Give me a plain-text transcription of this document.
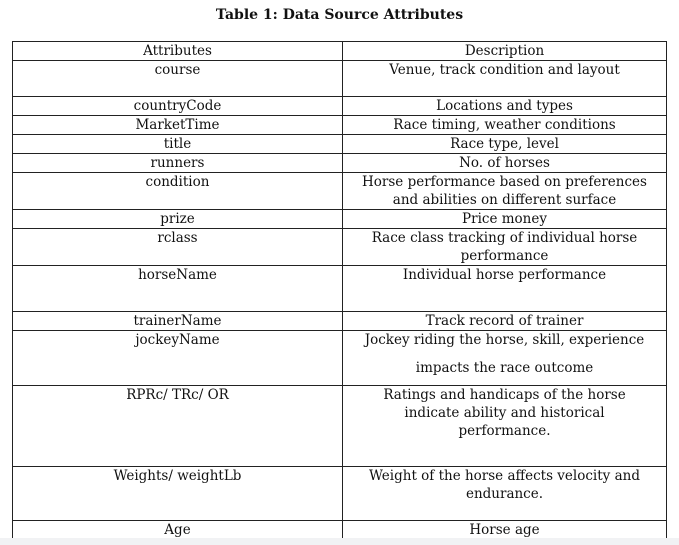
Table 1: Data Source Attributes
Attributes	Description
course	Venue, track condition and layout
countryCode	Locations and types
MarketTime	Race timing, weather conditions
title	Race type, level
runners	No. of horses
condition	Horse performance based on preferences
and abilities on different surface
prize	Price money
rclass	Race class tracking of individual horse
performance
horseName	Individual horse performance
trainerName	Track record of trainer
jockeyName	Jockey riding the horse, skill, experience
impacts the race outcome
RPRc/ TRc/ OR	Ratings and handicaps of the horse
indicate ability and historical
performance.
Weights/ weightLb	Weight of the horse affects velocity and
endurance.
Age	Horse age
